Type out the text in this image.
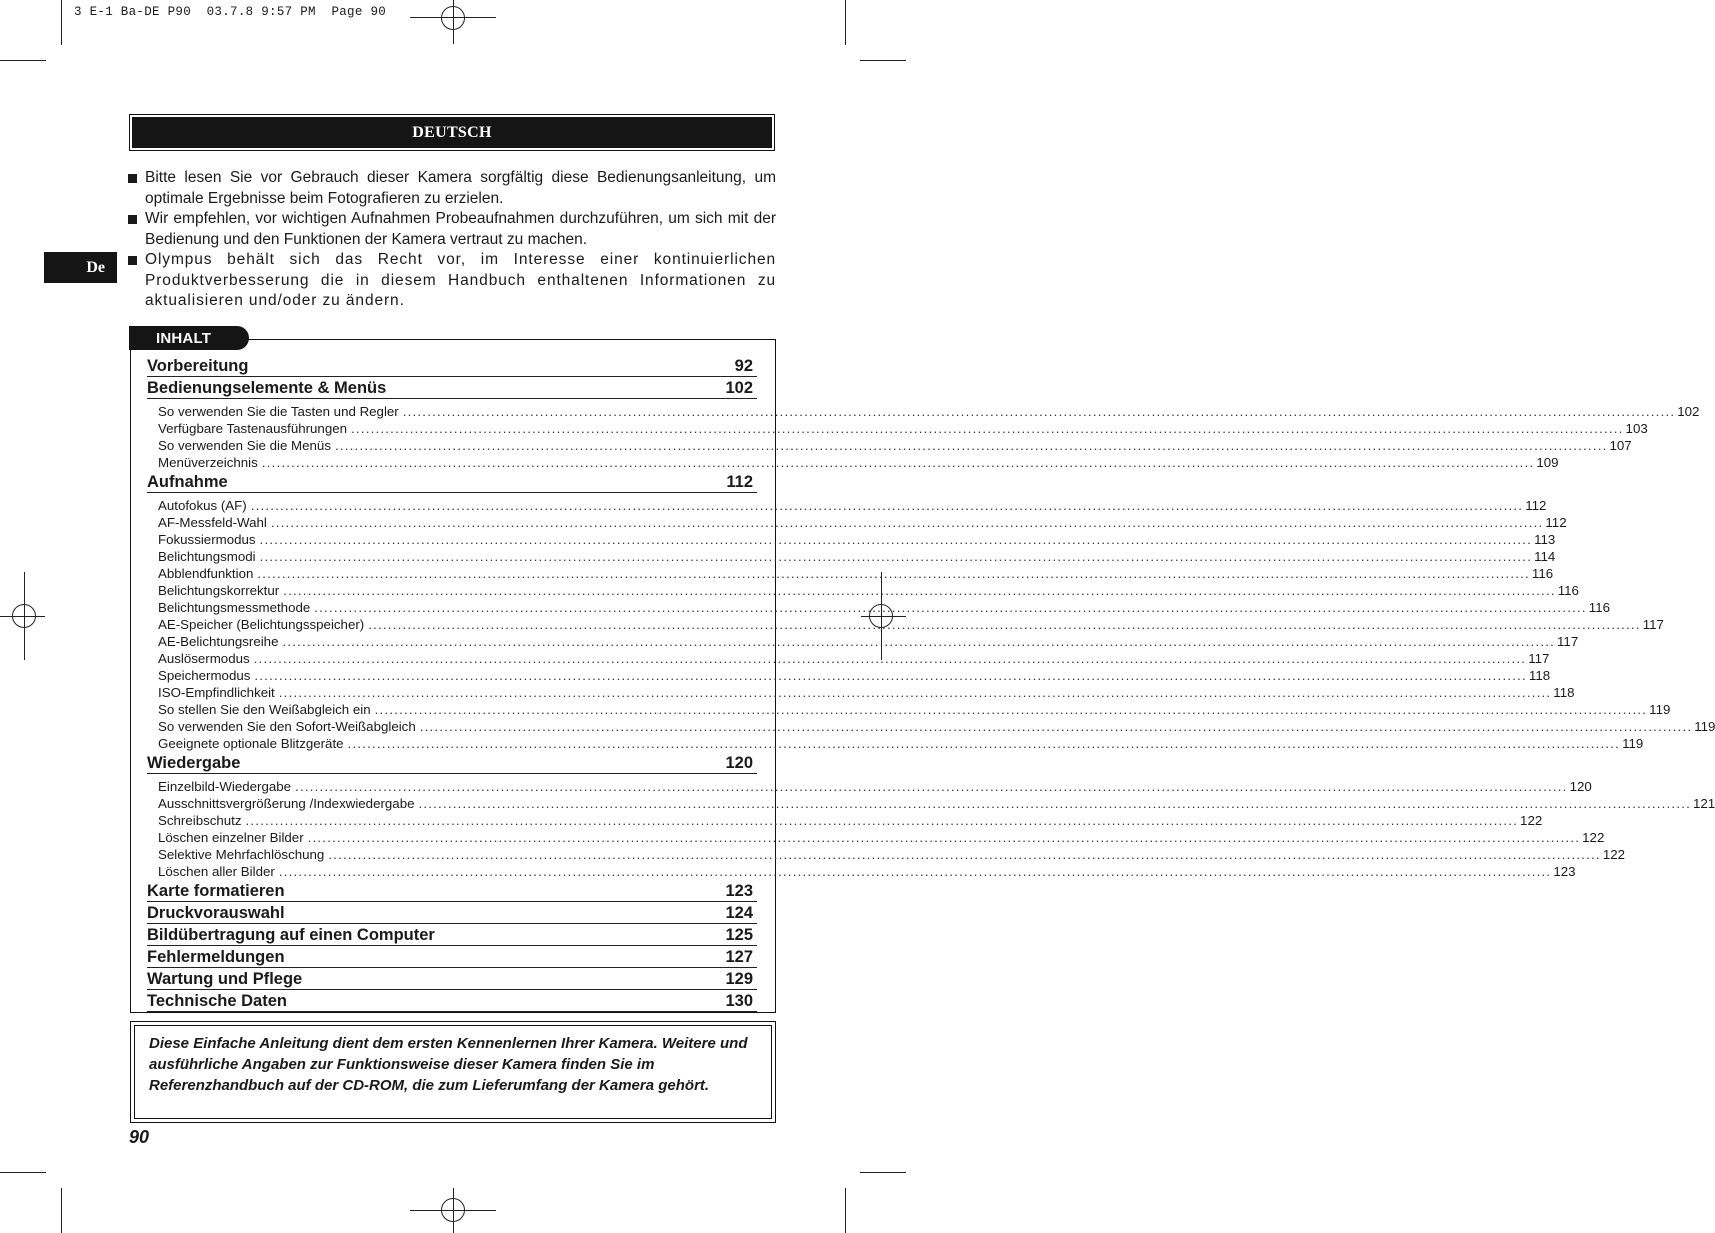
3 E-1 Ba-DE P90  03.7.8 9:57 PM  Page 90
DEUTSCH
De
Bitte lesen Sie vor Gebrauch dieser Kamera sorgfältig diese Bedienungsanleitung, um optimale Ergebnisse beim Fotografieren zu erzielen.
Wir empfehlen, vor wichtigen Aufnahmen Probeaufnahmen durchzuführen, um sich mit der Bedienung und den Funktionen der Kamera vertraut zu machen.
Olympus behält sich das Recht vor, im Interesse einer kontinuierlichen Produktverbesserung die in diesem Handbuch enthaltenen Informationen zu aktualisieren und/oder zu ändern.
INHALT
Vorbereitung	92
Bedienungselemente & Menüs	102
So verwenden Sie die Tasten und Regler .................................................................................................................................................................................................................................................................... 102
Verfügbare Tastenausführungen .................................................................................................................................................................................................................................................................... 103
So verwenden Sie die Menüs .................................................................................................................................................................................................................................................................... 107
Menüverzeichnis .................................................................................................................................................................................................................................................................... 109
Aufnahme	112
Autofokus (AF) .................................................................................................................................................................................................................................................................... 112
AF-Messfeld-Wahl .................................................................................................................................................................................................................................................................... 112
Fokussiermodus .................................................................................................................................................................................................................................................................... 113
Belichtungsmodi .................................................................................................................................................................................................................................................................... 114
Abblendfunktion .................................................................................................................................................................................................................................................................... 116
Belichtungskorrektur .................................................................................................................................................................................................................................................................... 116
Belichtungsmessmethode .................................................................................................................................................................................................................................................................... 116
AE-Speicher (Belichtungsspeicher) .................................................................................................................................................................................................................................................................... 117
AE-Belichtungsreihe .................................................................................................................................................................................................................................................................... 117
Auslösermodus .................................................................................................................................................................................................................................................................... 117
Speichermodus .................................................................................................................................................................................................................................................................... 118
ISO-Empfindlichkeit .................................................................................................................................................................................................................................................................... 118
So stellen Sie den Weißabgleich ein .................................................................................................................................................................................................................................................................... 119
So verwenden Sie den Sofort-Weißabgleich .................................................................................................................................................................................................................................................................... 119
Geeignete optionale Blitzgeräte .................................................................................................................................................................................................................................................................... 119
Wiedergabe	120
Einzelbild-Wiedergabe .................................................................................................................................................................................................................................................................... 120
Ausschnittsvergrößerung /Indexwiedergabe .................................................................................................................................................................................................................................................................... 121
Schreibschutz .................................................................................................................................................................................................................................................................... 122
Löschen einzelner Bilder .................................................................................................................................................................................................................................................................... 122
Selektive Mehrfachlöschung .................................................................................................................................................................................................................................................................... 122
Löschen aller Bilder .................................................................................................................................................................................................................................................................... 123
Karte formatieren	123
Druckvorauswahl	124
Bildübertragung auf einen Computer	125
Fehlermeldungen	127
Wartung und Pflege	129
Technische Daten	130
Diese Einfache Anleitung dient dem ersten Kennenlernen Ihrer Kamera. Weitere und ausführliche Angaben zur Funktionsweise dieser Kamera finden Sie im Referenzhandbuch auf der CD-ROM, die zum Lieferumfang der Kamera gehört.
90
